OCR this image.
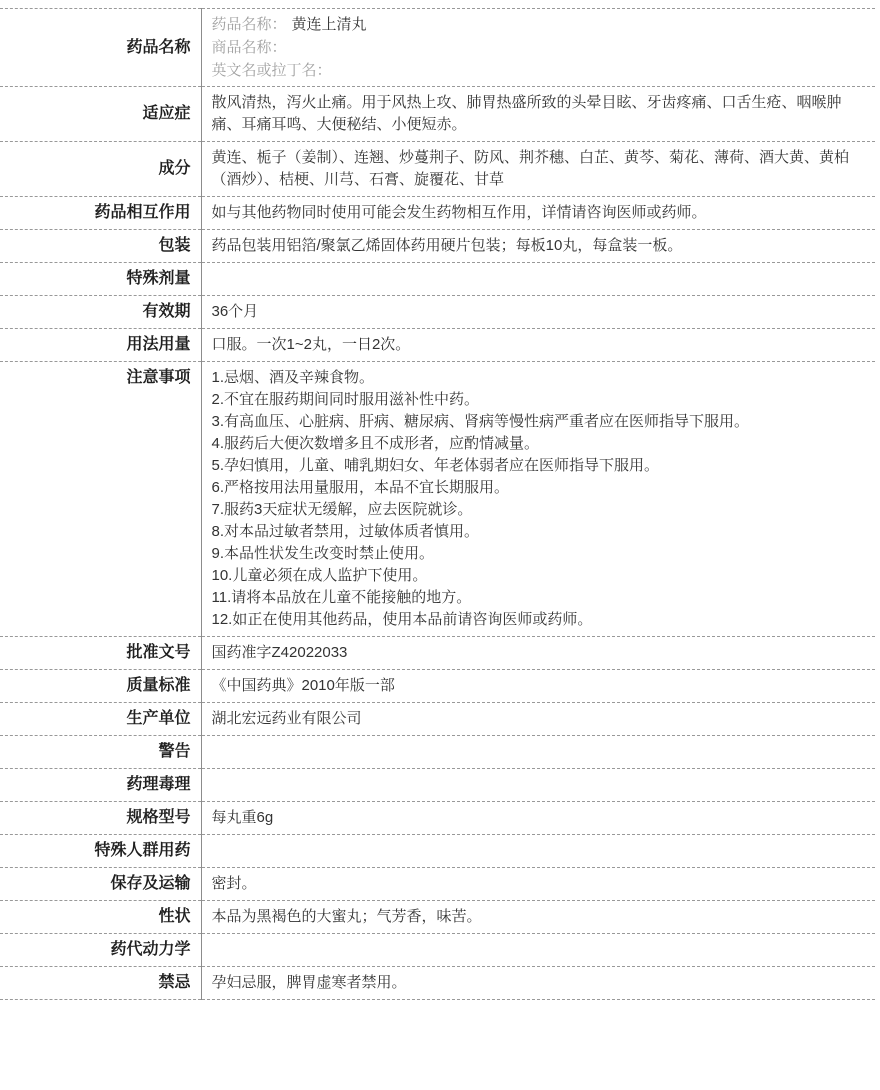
药品名称	药品名称： 黄连上清丸
商品名称：
英文名或拉丁名：

适应症	散风清热，泻火止痛。用于风热上攻、肺胃热盛所致的头晕目眩、牙齿疼痛、口舌生疮、咽喉肿痛、耳痛耳鸣、大便秘结、小便短赤。

成分	黄连、栀子（姜制）、连翘、炒蔓荆子、防风、荆芥穗、白芷、黄芩、菊花、薄荷、酒大黄、黄柏（酒炒）、桔梗、川芎、石膏、旋覆花、甘草

药品相互作用	如与其他药物同时使用可能会发生药物相互作用，详情请咨询医师或药师。

包装	药品包装用铝箔/聚氯乙烯固体药用硬片包装；每板10丸，每盒装一板。

特殊剂量	
有效期	36个月

用法用量	口服。一次1~2丸，一日2次。

注意事项	1.忌烟、酒及辛辣食物。
2.不宜在服药期间同时服用滋补性中药。
3.有高血压、心脏病、肝病、糖尿病、肾病等慢性病严重者应在医师指导下服用。
4.服药后大便次数增多且不成形者，应酌情减量。
5.孕妇慎用，儿童、哺乳期妇女、年老体弱者应在医师指导下服用。
6.严格按用法用量服用，本品不宜长期服用。
7.服药3天症状无缓解，应去医院就诊。
8.对本品过敏者禁用，过敏体质者慎用。
9.本品性状发生改变时禁止使用。
10.儿童必须在成人监护下使用。
11.请将本品放在儿童不能接触的地方。
12.如正在使用其他药品，使用本品前请咨询医师或药师。

批准文号	国药准字Z42022033

质量标准	《中国药典》2010年版一部

生产单位	湖北宏远药业有限公司

警告	
药理毒理	
规格型号	每丸重6g

特殊人群用药	
保存及运输	密封。

性状	本品为黑褐色的大蜜丸；气芳香，味苦。

药代动力学	
禁忌	孕妇忌服，脾胃虚寒者禁用。
